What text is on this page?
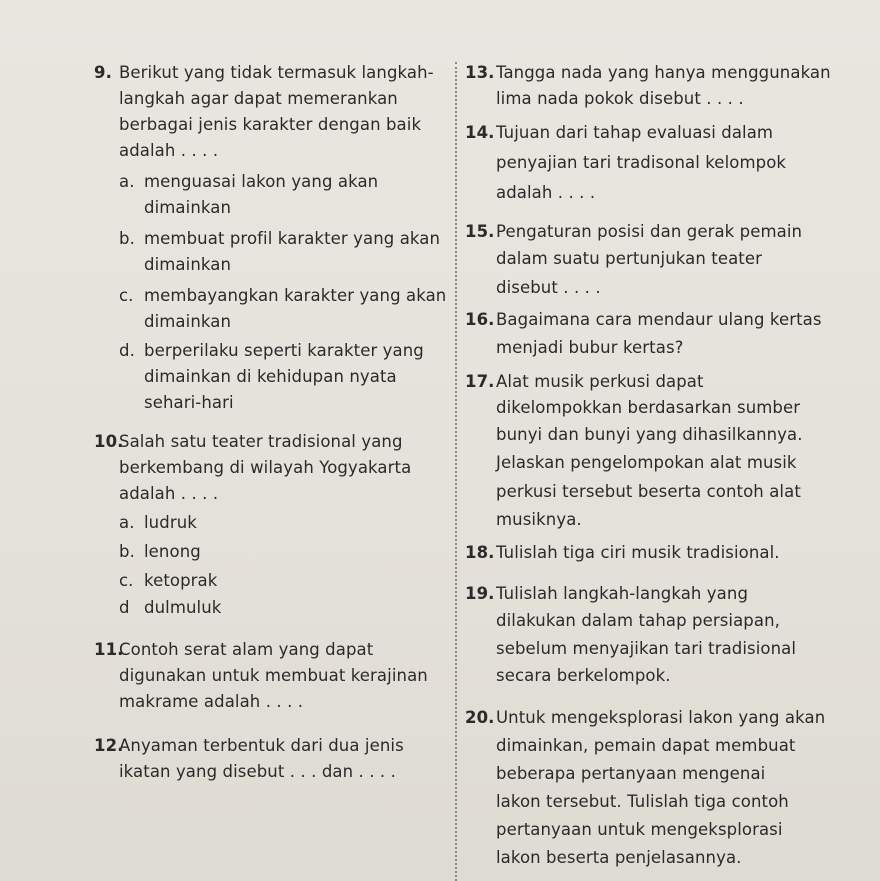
9. Berikut yang tidak termasuk langkah-
langkah agar dapat memerankan
berbagai jenis karakter dengan baik
adalah . . . .
a. menguasai lakon yang akan
dimainkan
b. membuat profil karakter yang akan
dimainkan
c. membayangkan karakter yang akan
dimainkan
d. berperilaku seperti karakter yang
dimainkan di kehidupan nyata
sehari-hari
10.
Salah satu teater tradisional yang
berkembang di wilayah Yogyakarta
adalah . . . .
a. ludruk
b. lenong
c. ketoprak
d dulmuluk
11.
Contoh serat alam yang dapat
digunakan untuk membuat kerajinan
makrame adalah . . . .
12.
Anyaman terbentuk dari dua jenis
ikatan yang disebut . . . dan . . . .
13. Tangga nada yang hanya menggunakan
lima nada pokok disebut . . . .
14. Tujuan dari tahap evaluasi dalam
penyajian tari tradisonal kelompok
adalah . . . .
15. Pengaturan posisi dan gerak pemain
dalam suatu pertunjukan teater
disebut . . . .
16. Bagaimana cara mendaur ulang kertas
menjadi bubur kertas?
17. Alat musik perkusi dapat
dikelompokkan berdasarkan sumber
bunyi dan bunyi yang dihasilkannya.
Jelaskan pengelompokan alat musik
perkusi tersebut beserta contoh alat
musiknya.
18. Tulislah tiga ciri musik tradisional.
19. Tulislah langkah-langkah yang
dilakukan dalam tahap persiapan,
sebelum menyajikan tari tradisional
secara berkelompok.
20. Untuk mengeksplorasi lakon yang akan
dimainkan, pemain dapat membuat
beberapa pertanyaan mengenai
lakon tersebut. Tulislah tiga contoh
pertanyaan untuk mengeksplorasi
lakon beserta penjelasannya.
